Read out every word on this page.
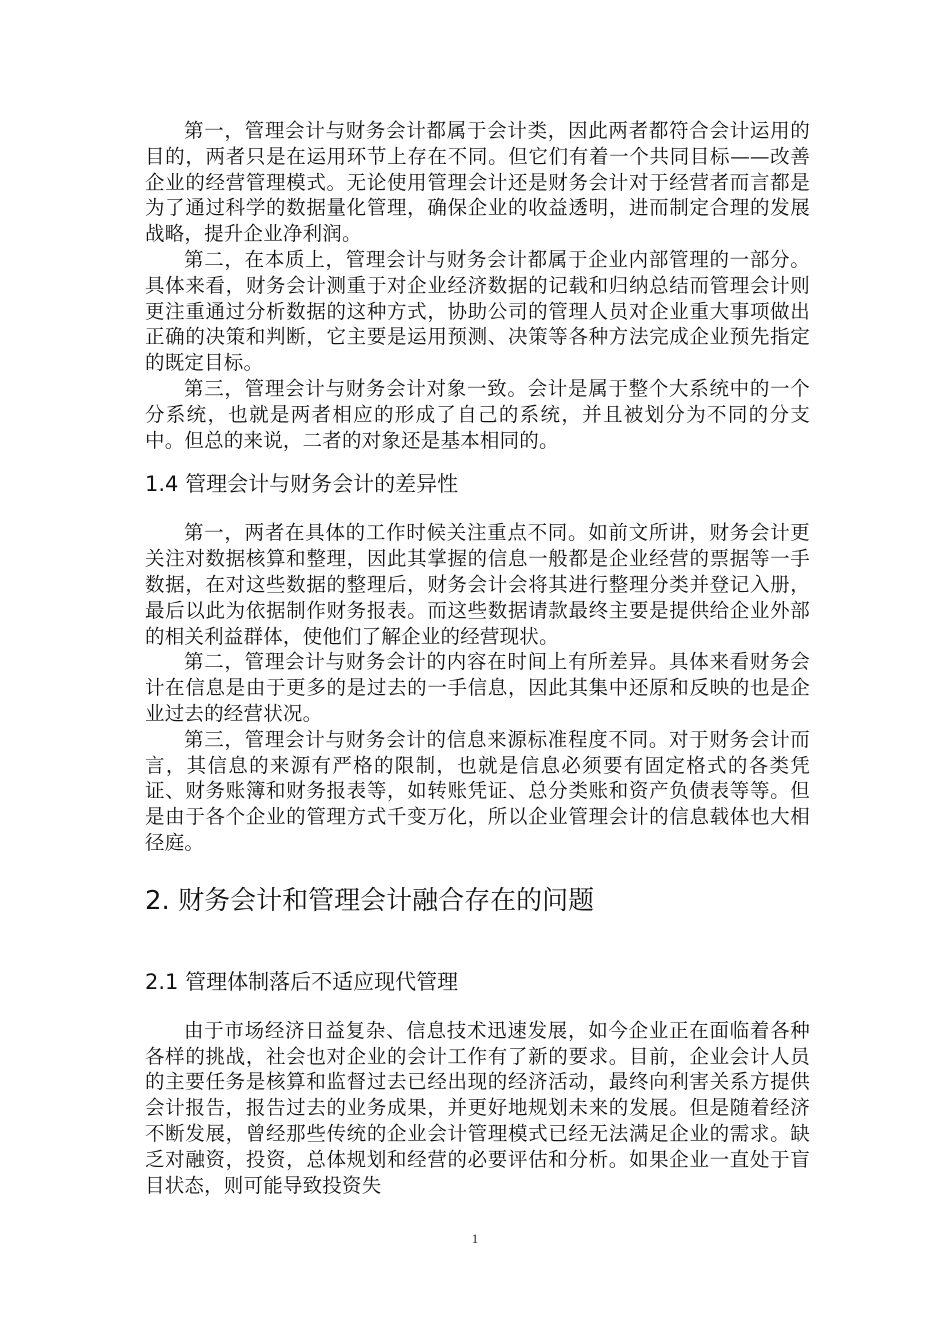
第一，管理会计与财务会计都属于会计类，因此两者都符合会计运用的目的，两者只是在运用环节上存在不同。但它们有着一个共同目标——改善企业的经营管理模式。无论使用管理会计还是财务会计对于经营者而言都是为了通过科学的数据量化管理，确保企业的收益透明，进而制定合理的发展战略，提升企业净利润。

第二，在本质上，管理会计与财务会计都属于企业内部管理的一部分。具体来看，财务会计测重于对企业经济数据的记载和归纳总结而管理会计则更注重通过分析数据的这种方式，协助公司的管理人员对企业重大事项做出正确的决策和判断，它主要是运用预测、决策等各种方法完成企业预先指定的既定目标。

第三，管理会计与财务会计对象一致。会计是属于整个大系统中的一个分系统，也就是两者相应的形成了自己的系统，并且被划分为不同的分支中。但总的来说，二者的对象还是基本相同的。

1.4 管理会计与财务会计的差异性

第一，两者在具体的工作时候关注重点不同。如前文所讲，财务会计更关注对数据核算和整理，因此其掌握的信息一般都是企业经营的票据等一手数据，在对这些数据的整理后，财务会计会将其进行整理分类并登记入册，最后以此为依据制作财务报表。而这些数据请款最终主要是提供给企业外部的相关利益群体，使他们了解企业的经营现状。

第二，管理会计与财务会计的内容在时间上有所差异。具体来看财务会计在信息是由于更多的是过去的一手信息，因此其集中还原和反映的也是企业过去的经营状况。

第三，管理会计与财务会计的信息来源标准程度不同。对于财务会计而言，其信息的来源有严格的限制，也就是信息必须要有固定格式的各类凭证、财务账簿和财务报表等，如转账凭证、总分类账和资产负债表等等。但是由于各个企业的管理方式千变万化，所以企业管理会计的信息载体也大相径庭。

2. 财务会计和管理会计融合存在的问题
2.1 管理体制落后不适应现代管理

由于市场经济日益复杂、信息技术迅速发展，如今企业正在面临着各种各样的挑战，社会也对企业的会计工作有了新的要求。目前，企业会计人员的主要任务是核算和监督过去已经出现的经济活动，最终向利害关系方提供会计报告，报告过去的业务成果，并更好地规划未来的发展。但是随着经济不断发展，曾经那些传统的企业会计管理模式已经无法满足企业的需求。缺乏对融资，投资，总体规划和经营的必要评估和分析。如果企业一直处于盲目状态，则可能导致投资失

1
